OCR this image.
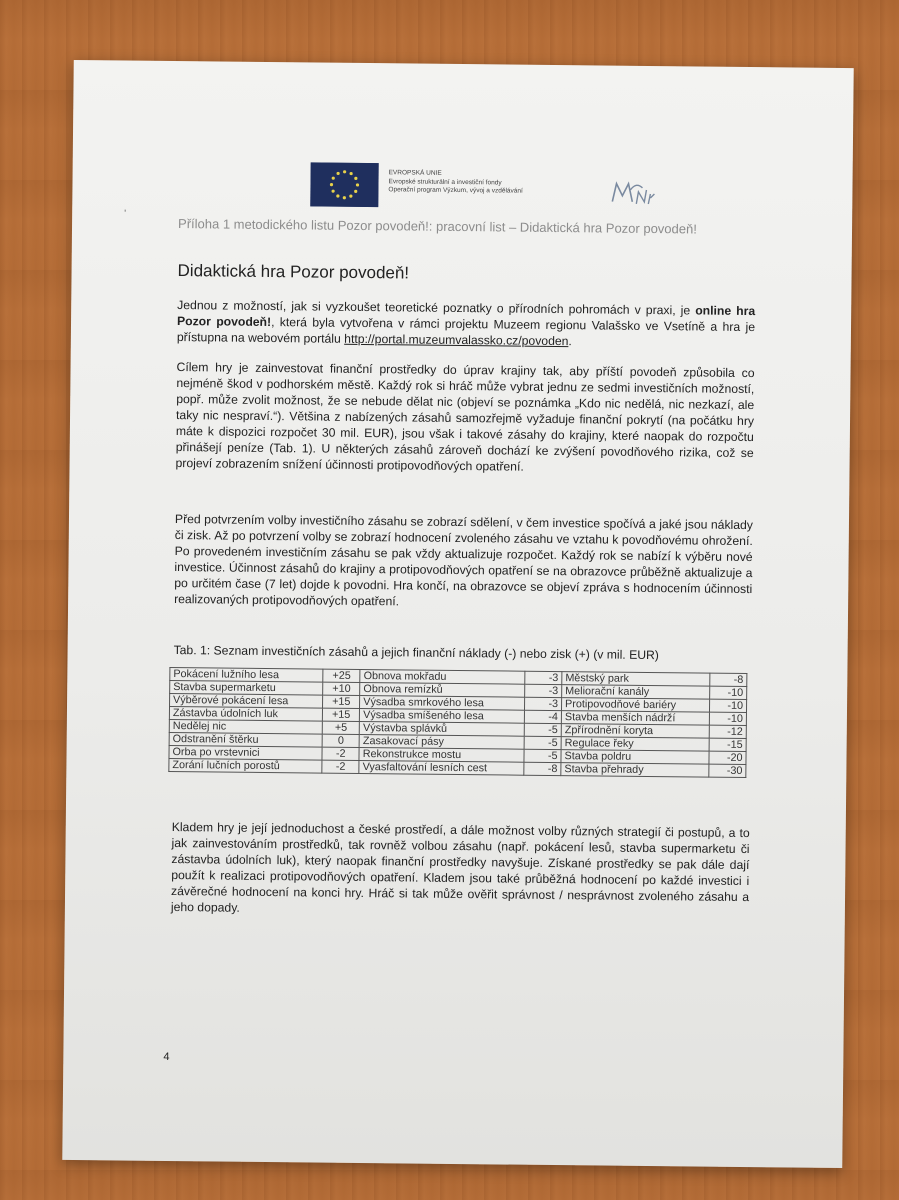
EVROPSKÁ UNIE
Evropské strukturální a investiční fondy
Operační program Výzkum, vývoj a vzdělávání
'
Příloha 1 metodického listu Pozor povodeň!: pracovní list – Didaktická hra Pozor povodeň!
Didaktická hra Pozor povodeň!
Jednou z možností, jak si vyzkoušet teoretické poznatky o přírodních pohromách v praxi, je online hra Pozor povodeň!, která byla vytvořena v rámci projektu Muzeem regionu Valašsko ve Vsetíně a hra je přístupna na webovém portálu http://portal.muzeumvalassko.cz/povoden.
Cílem hry je zainvestovat finanční prostředky do úprav krajiny tak, aby příští povodeň způsobila co nejméně škod v podhorském městě. Každý rok si hráč může vybrat jednu ze sedmi investičních možností, popř. může zvolit možnost, že se nebude dělat nic (objeví se poznámka „Kdo nic nedělá, nic nezkazí, ale taky nic nespraví.“). Většina z nabízených zásahů samozřejmě vyžaduje finanční pokrytí (na počátku hry máte k dispozici rozpočet 30 mil. EUR), jsou však i takové zásahy do krajiny, které naopak do rozpočtu přinášejí peníze (Tab. 1). U některých zásahů zároveň dochází ke zvýšení povodňového rizika, což se projeví zobrazením snížení účinnosti protipovodňových opatření.
Před potvrzením volby investičního zásahu se zobrazí sdělení, v čem investice spočívá a jaké jsou náklady či zisk. Až po potvrzení volby se zobrazí hodnocení zvoleného zásahu ve vztahu k povodňovému ohrožení. Po provedeném investičním zásahu se pak vždy aktualizuje rozpočet. Každý rok se nabízí k výběru nové investice. Účinnost zásahů do krajiny a protipovodňových opatření se na obrazovce průběžně aktualizuje a po určitém čase (7 let) dojde k povodni. Hra končí, na obrazovce se objeví zpráva s hodnocením účinnosti realizovaných protipovodňových opatření.
Tab. 1: Seznam investičních zásahů a jejich finanční náklady (-) nebo zisk (+) (v mil. EUR)
Pokácení lužního lesa	+25	Obnova mokřadu	-3	Městský park	-8
Stavba supermarketu	+10	Obnova remízků	-3	Meliorační kanály	-10
Výběrové pokácení lesa	+15	Výsadba smrkového lesa	-3	Protipovodňové bariéry	-10
Zástavba údolních luk	+15	Výsadba smíšeného lesa	-4	Stavba menších nádrží	-10
Nedělej nic	+5	Výstavba splávků	-5	Zpřírodnění koryta	-12
Odstranění štěrku	0	Zasakovací pásy	-5	Regulace řeky	-15
Orba po vrstevnici	-2	Rekonstrukce mostu	-5	Stavba poldru	-20
Zorání lučních porostů	-2	Vyasfaltování lesních cest	-8	Stavba přehrady	-30
Kladem hry je její jednoduchost a české prostředí, a dále možnost volby různých strategií či postupů, a to jak zainvestováním prostředků, tak rovněž volbou zásahu (např. pokácení lesů, stavba supermarketu či zástavba údolních luk), který naopak finanční prostředky navyšuje. Získané prostředky se pak dále dají použít k realizaci protipovodňových opatření. Kladem jsou také průběžná hodnocení po každé investici i závěrečné hodnocení na konci hry. Hráč si tak může ověřit správnost / nesprávnost zvoleného zásahu a jeho dopady.
4
